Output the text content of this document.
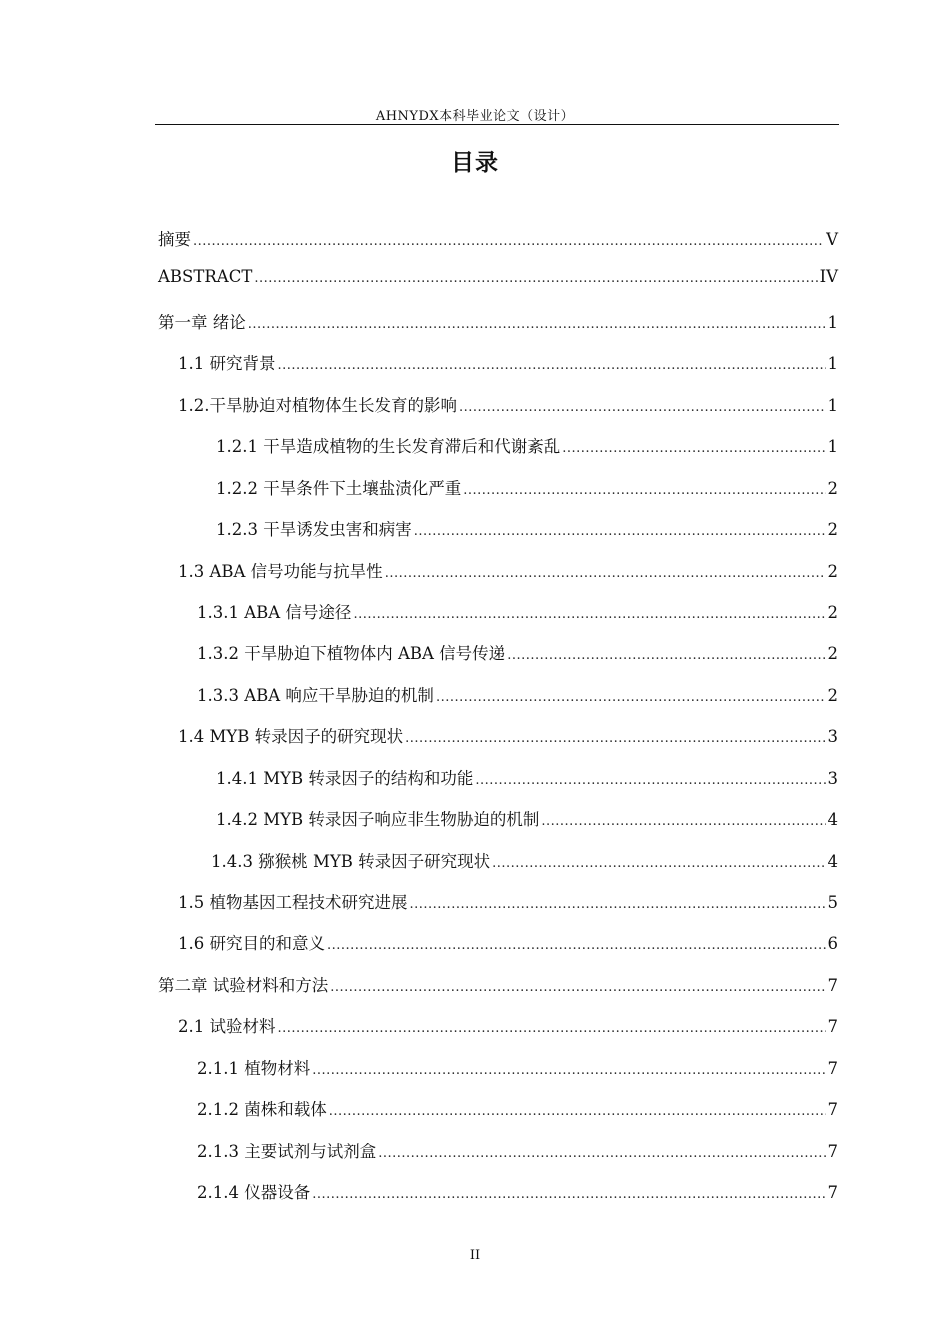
AHNYDX本科毕业论文（设计）
目录
摘要 .....	V
ABSTRACT .....	IV
第一章 绪论 .....	1
1.1 研究背景 .....	1
1.2.干旱胁迫对植物体生长发育的影响 .....	1
1.2.1 干旱造成植物的生长发育滞后和代谢紊乱 .....	1
1.2.2 干旱条件下土壤盐渍化严重 .....	2
1.2.3 干旱诱发虫害和病害 .....	2
1.3 ABA 信号功能与抗旱性 .....	2
1.3.1 ABA 信号途径 .....	2
1.3.2 干旱胁迫下植物体内 ABA 信号传递 .....	2
1.3.3 ABA 响应干旱胁迫的机制 .....	2
1.4 MYB 转录因子的研究现状 .....	3
1.4.1 MYB 转录因子的结构和功能 .....	3
1.4.2 MYB 转录因子响应非生物胁迫的机制 .....	4
1.4.3 猕猴桃 MYB 转录因子研究现状 .....	4
1.5 植物基因工程技术研究进展 .....	5
1.6 研究目的和意义 .....	6
第二章 试验材料和方法 .....	7
2.1 试验材料 .....	7
2.1.1 植物材料 .....	7
2.1.2 菌株和载体 .....	7
2.1.3 主要试剂与试剂盒 .....	7
2.1.4 仪器设备 .....	7
II
